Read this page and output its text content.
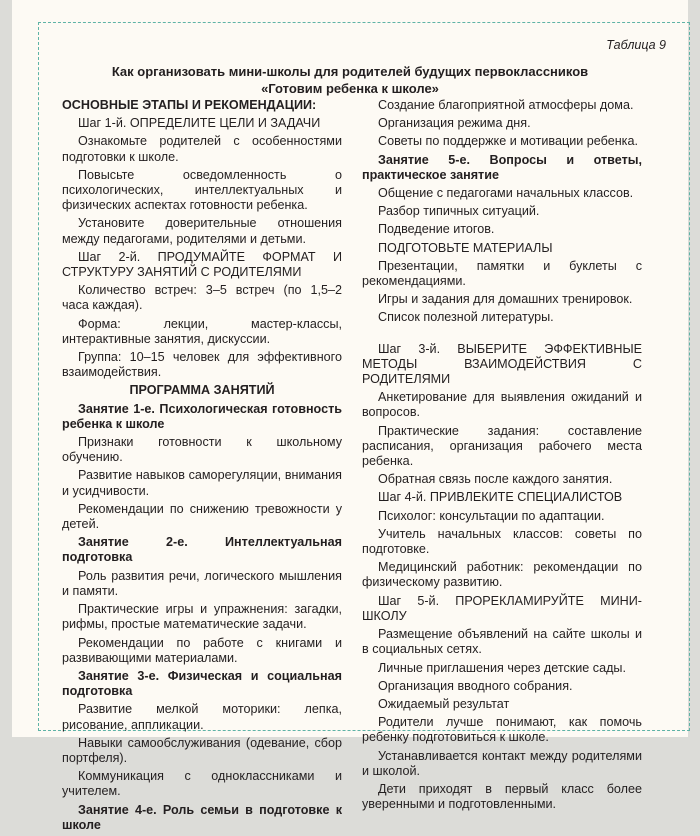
Таблица 9
Как организовать мини-школы для родителей будущих первоклассников
«Готовим ребенка к школе»

ОСНОВНЫЕ ЭТАПЫ И РЕКОМЕНДАЦИИ:

Шаг 1-й. ОПРЕДЕЛИТЕ ЦЕЛИ И ЗАДАЧИ

Ознакомьте родителей с особенностями подготовки к школе.

Повысьте осведомленность о психологических, интеллектуальных и физических аспектах готовности ребенка.

Установите доверительные отношения между педагогами, родителями и детьми.

Шаг 2-й. ПРОДУМАЙТЕ ФОРМАТ И СТРУКТУРУ ЗАНЯТИЙ С РОДИТЕЛЯМИ

Количество встреч: 3–5 встреч (по 1,5–2 часа каждая).

Форма: лекции, мастер-классы, интерактивные занятия, дискуссии.

Группа: 10–15 человек для эффективного взаимодействия.

ПРОГРАММА ЗАНЯТИЙ

Занятие 1-е. Психологическая готовность ребенка к школе

Признаки готовности к школьному обучению.

Развитие навыков саморегуляции, внимания и усидчивости.

Рекомендации по снижению тревожности у детей.

Занятие 2-е. Интеллектуальная подготовка

Роль развития речи, логического мышления и памяти.

Практические игры и упражнения: загадки, рифмы, простые математические задачи.

Рекомендации по работе с книгами и развивающими материалами.

Занятие 3-е. Физическая и социальная подготовка

Развитие мелкой моторики: лепка, рисование, аппликации.

Навыки самообслуживания (одевание, сбор портфеля).

Коммуникация с одноклассниками и учителем.

Занятие 4-е. Роль семьи в подготовке к школе

Создание благоприятной атмосферы дома.

Организация режима дня.

Советы по поддержке и мотивации ребенка.

Занятие 5-е. Вопросы и ответы, практическое занятие

Общение с педагогами начальных классов.

Разбор типичных ситуаций.

Подведение итогов.

ПОДГОТОВЬТЕ МАТЕРИАЛЫ

Презентации, памятки и буклеты с рекомендациями.

Игры и задания для домашних тренировок.

Список полезной литературы.

Шаг 3-й. ВЫБЕРИТЕ ЭФФЕКТИВНЫЕ МЕТОДЫ ВЗАИМОДЕЙСТВИЯ С РОДИТЕЛЯМИ

Анкетирование для выявления ожиданий и вопросов.

Практические задания: составление расписания, организация рабочего места ребенка.

Обратная связь после каждого занятия.

Шаг 4-й. ПРИВЛЕКИТЕ СПЕЦИАЛИСТОВ

Психолог: консультации по адаптации.

Учитель начальных классов: советы по подготовке.

Медицинский работник: рекомендации по физическому развитию.

Шаг 5-й. ПРОРЕКЛАМИРУЙТЕ МИНИ-ШКОЛУ

Размещение объявлений на сайте школы и в социальных сетях.

Личные приглашения через детские сады.

Организация вводного собрания.

Ожидаемый результат

Родители лучше понимают, как помочь ребенку подготовиться к школе.

Устанавливается контакт между родителями и школой.

Дети приходят в первый класс более уверенными и подготовленными.
